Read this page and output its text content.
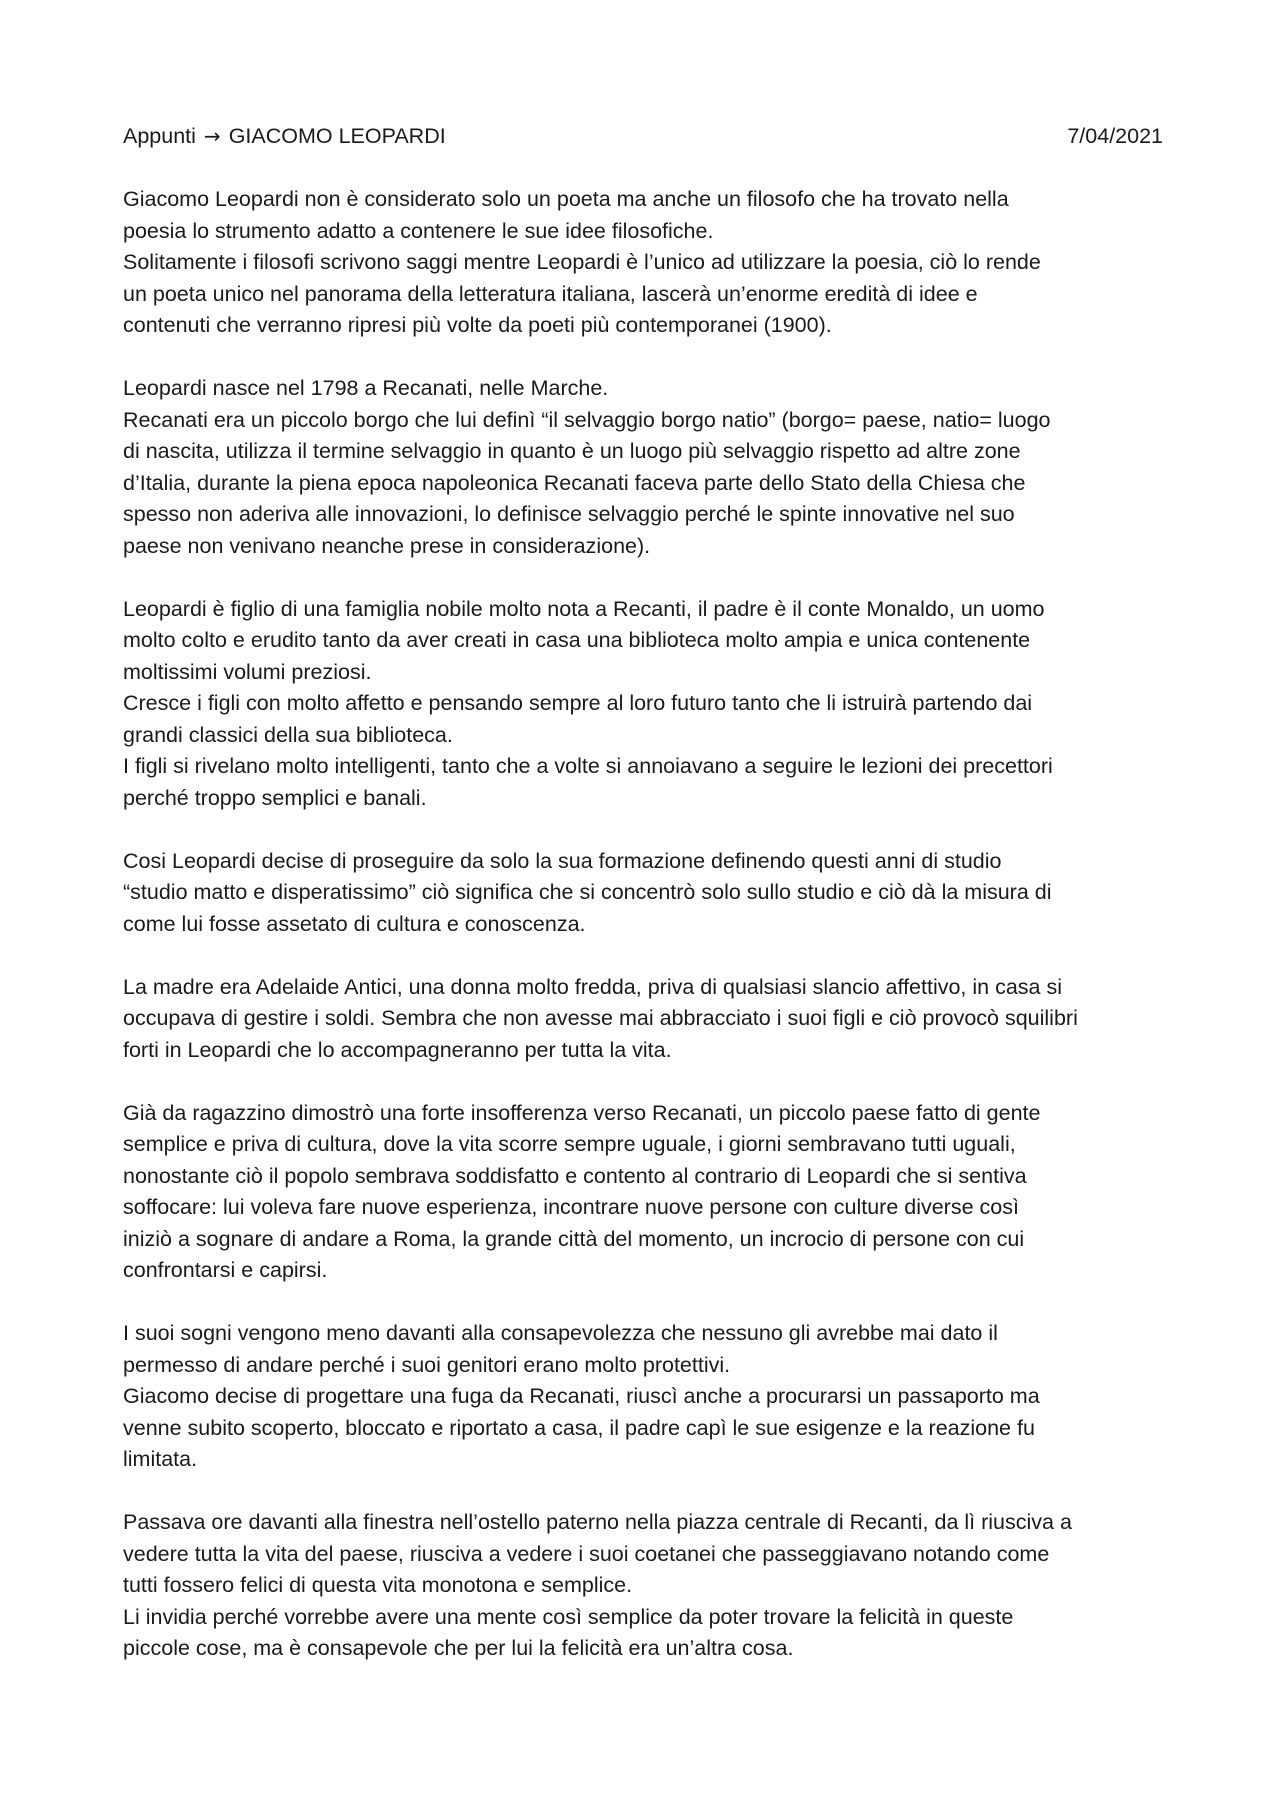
Appunti → GIACOMO LEOPARDI	7/04/2021

Giacomo Leopardi non è considerato solo un poeta ma anche un filosofo che ha trovato nella
poesia lo strumento adatto a contenere le sue idee filosofiche.
Solitamente i filosofi scrivono saggi mentre Leopardi è l’unico ad utilizzare la poesia, ciò lo rende
un poeta unico nel panorama della letteratura italiana, lascerà un’enorme eredità di idee e
contenuti che verranno ripresi più volte da poeti più contemporanei (1900).

Leopardi nasce nel 1798 a Recanati, nelle Marche.
Recanati era un piccolo borgo che lui definì “il selvaggio borgo natio” (borgo= paese, natio= luogo
di nascita, utilizza il termine selvaggio in quanto è un luogo più selvaggio rispetto ad altre zone
d’Italia, durante la piena epoca napoleonica Recanati faceva parte dello Stato della Chiesa che
spesso non aderiva alle innovazioni, lo definisce selvaggio perché le spinte innovative nel suo
paese non venivano neanche prese in considerazione).

Leopardi è figlio di una famiglia nobile molto nota a Recanti, il padre è il conte Monaldo, un uomo
molto colto e erudito tanto da aver creati in casa una biblioteca molto ampia e unica contenente
moltissimi volumi preziosi.
Cresce i figli con molto affetto e pensando sempre al loro futuro tanto che li istruirà partendo dai
grandi classici della sua biblioteca.
I figli si rivelano molto intelligenti, tanto che a volte si annoiavano a seguire le lezioni dei precettori
perché troppo semplici e banali.

Cosi Leopardi decise di proseguire da solo la sua formazione definendo questi anni di studio
“studio matto e disperatissimo” ciò significa che si concentrò solo sullo studio e ciò dà la misura di
come lui fosse assetato di cultura e conoscenza.

La madre era Adelaide Antici, una donna molto fredda, priva di qualsiasi slancio affettivo, in casa si
occupava di gestire i soldi. Sembra che non avesse mai abbracciato i suoi figli e ciò provocò squilibri
forti in Leopardi che lo accompagneranno per tutta la vita.

Già da ragazzino dimostrò una forte insofferenza verso Recanati, un piccolo paese fatto di gente
semplice e priva di cultura, dove la vita scorre sempre uguale, i giorni sembravano tutti uguali,
nonostante ciò il popolo sembrava soddisfatto e contento al contrario di Leopardi che si sentiva
soffocare: lui voleva fare nuove esperienza, incontrare nuove persone con culture diverse così
iniziò a sognare di andare a Roma, la grande città del momento, un incrocio di persone con cui
confrontarsi e capirsi.

I suoi sogni vengono meno davanti alla consapevolezza che nessuno gli avrebbe mai dato il
permesso di andare perché i suoi genitori erano molto protettivi.
Giacomo decise di progettare una fuga da Recanati, riuscì anche a procurarsi un passaporto ma
venne subito scoperto, bloccato e riportato a casa, il padre capì le sue esigenze e la reazione fu
limitata.

Passava ore davanti alla finestra nell’ostello paterno nella piazza centrale di Recanti, da lì riusciva a
vedere tutta la vita del paese, riusciva a vedere i suoi coetanei che passeggiavano notando come
tutti fossero felici di questa vita monotona e semplice.
Li invidia perché vorrebbe avere una mente così semplice da poter trovare la felicità in queste
piccole cose, ma è consapevole che per lui la felicità era un’altra cosa.
